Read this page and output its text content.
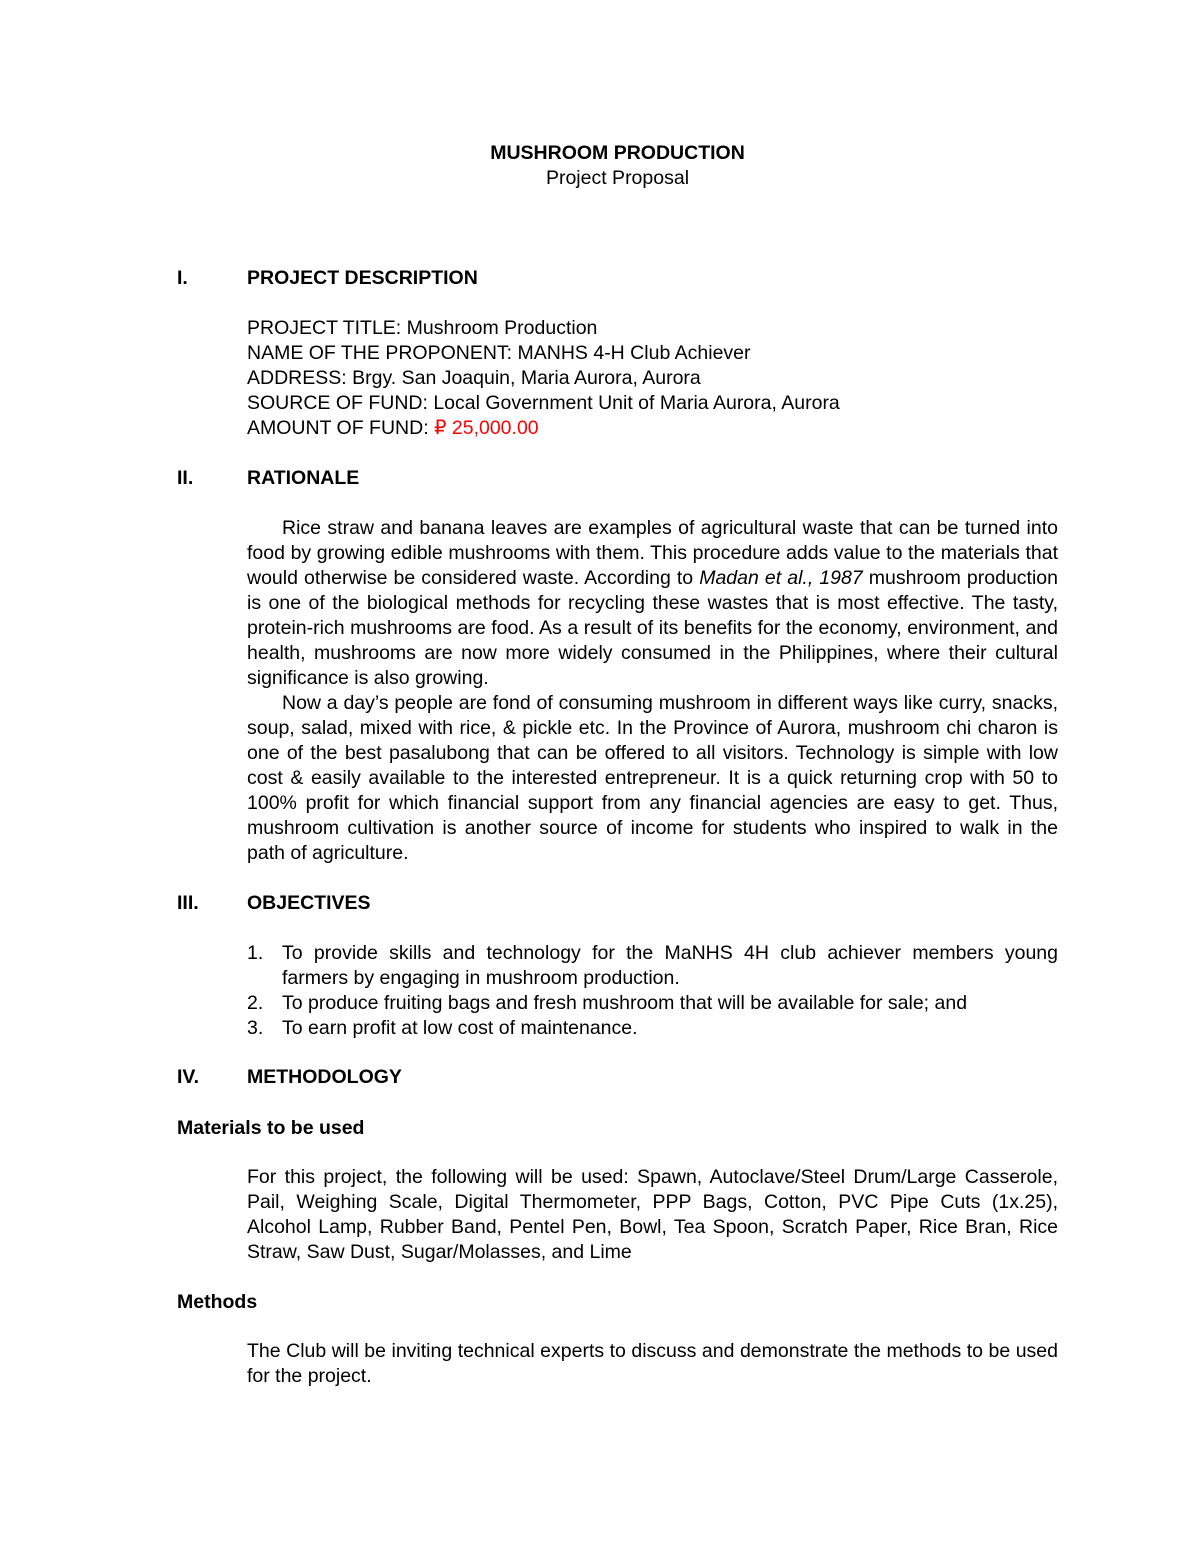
MUSHROOM PRODUCTION
Project Proposal
I.	PROJECT DESCRIPTION
PROJECT TITLE: Mushroom Production
NAME OF THE PROPONENT: MANHS 4-H Club Achiever
ADDRESS: Brgy. San Joaquin, Maria Aurora, Aurora
SOURCE OF FUND: Local Government Unit of Maria Aurora, Aurora
AMOUNT OF FUND: ₽ 25,000.00
II.	RATIONALE

Rice straw and banana leaves are examples of agricultural waste that can be turned into food by growing edible mushrooms with them. This procedure adds value to the materials that would otherwise be considered waste. According to Madan et al., 1987 mushroom production is one of the biological methods for recycling these wastes that is most effective. The tasty, protein-rich mushrooms are food. As a result of its benefits for the economy, environment, and health, mushrooms are now more widely consumed in the Philippines, where their cultural significance is also growing.

Now a day’s people are fond of consuming mushroom in different ways like curry, snacks, soup, salad, mixed with rice, & pickle etc. In the Province of Aurora, mushroom chi charon is one of the best pasalubong that can be offered to all visitors. Technology is simple with low cost & easily available to the interested entrepreneur. It is a quick returning crop with 50 to 100% profit for which financial support from any financial agencies are easy to get. Thus, mushroom cultivation is another source of income for students who inspired to walk in the path of agriculture.

III.	OBJECTIVES
1. To provide skills and technology for the MaNHS 4H club achiever members young farmers by engaging in mushroom production.
2. To produce fruiting bags and fresh mushroom that will be available for sale; and
3. To earn profit at low cost of maintenance.
IV.	METHODOLOGY
Materials to be used

For this project, the following will be used: Spawn, Autoclave/Steel Drum/Large Casserole, Pail, Weighing Scale, Digital Thermometer, PPP Bags, Cotton, PVC Pipe Cuts (1x.25), Alcohol Lamp, Rubber Band, Pentel Pen, Bowl, Tea Spoon, Scratch Paper, Rice Bran, Rice Straw, Saw Dust, Sugar/Molasses, and Lime

Methods

The Club will be inviting technical experts to discuss and demonstrate the methods to be used for the project.
